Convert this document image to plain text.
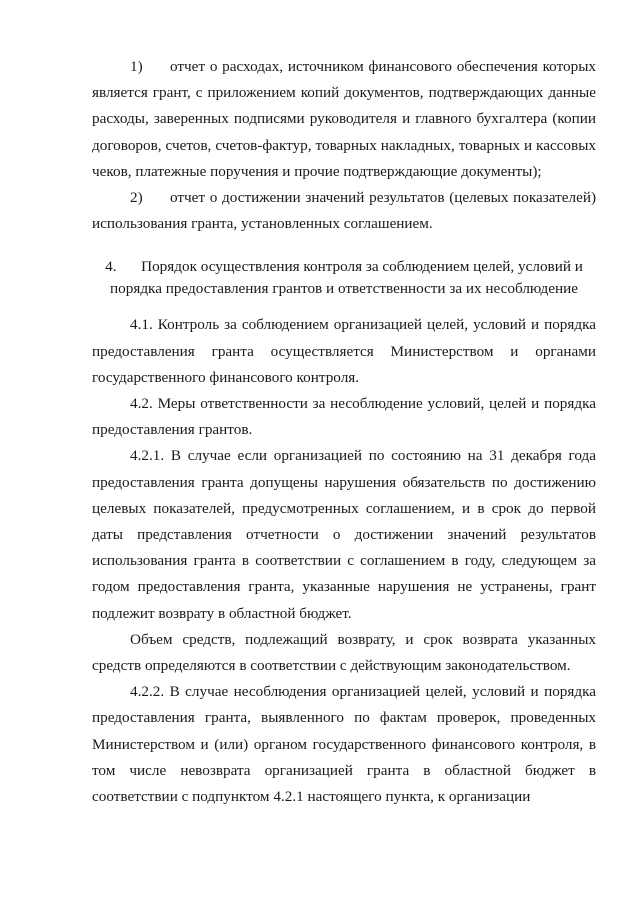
1) отчет о расходах, источником финансового обеспечения которых является грант, с приложением копий документов, подтверждающих данные расходы, заверенных подписями руководителя и главного бухгалтера (копии договоров, счетов, счетов-фактур, товарных накладных, товарных и кассовых чеков, платежные поручения и прочие подтверждающие документы);

2) отчет о достижении значений результатов (целевых показателей) использования гранта, установленных соглашением.

4. Порядок осуществления контроля за соблюдением целей, условий и порядка предоставления грантов и ответственности за их несоблюдение

4.1. Контроль за соблюдением организацией целей, условий и порядка предоставления гранта осуществляется Министерством и органами государственного финансового контроля.

4.2. Меры ответственности за несоблюдение условий, целей и порядка предоставления грантов.

4.2.1. В случае если организацией по состоянию на 31 декабря года предоставления гранта допущены нарушения обязательств по достижению целевых показателей, предусмотренных соглашением, и в срок до первой даты представления отчетности о достижении значений результатов использования гранта в соответствии с соглашением в году, следующем за годом предоставления гранта, указанные нарушения не устранены, грант подлежит возврату в областной бюджет.

Объем средств, подлежащий возврату, и срок возврата указанных средств определяются в соответствии с действующим законодательством.

4.2.2. В случае несоблюдения организацией целей, условий и порядка предоставления гранта, выявленного по фактам проверок, проведенных Министерством и (или) органом государственного финансового контроля, в том числе невозврата организацией гранта в областной бюджет в соответствии с подпунктом 4.2.1 настоящего пункта, к организации
